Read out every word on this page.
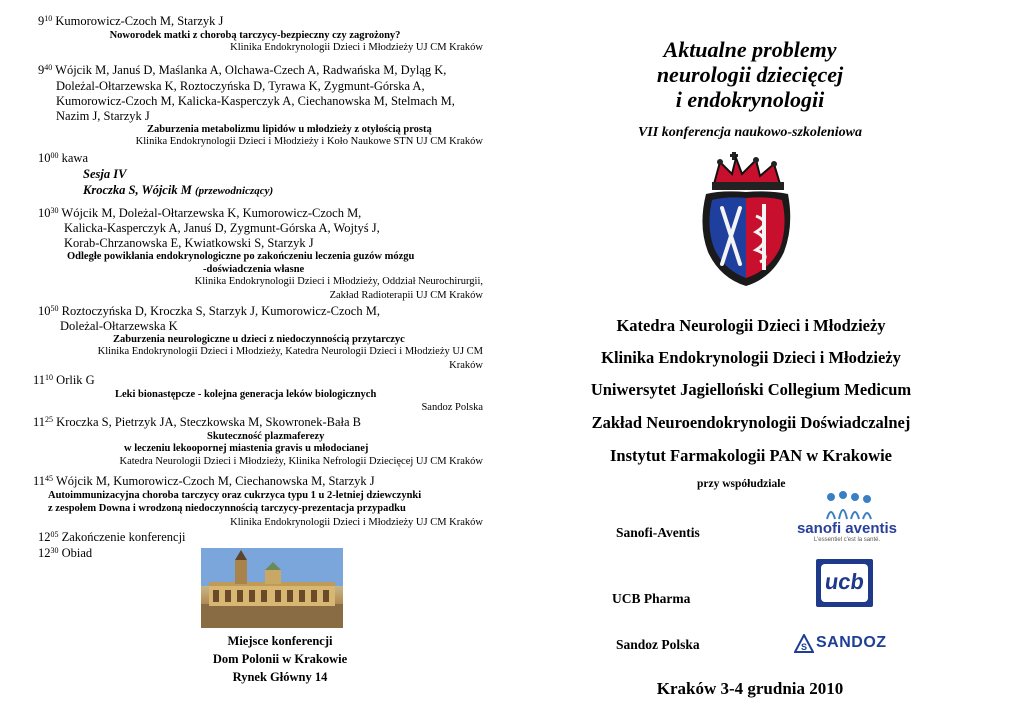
$9^{10}$ Kumorowicz-Czoch M, Starzyk J
Noworodek matki z chorobą tarczycy-bezpieczny czy zagrożony?
Klinika Endokrynologii Dzieci i Młodzieży UJ CM Kraków
$9^{40}$ Wójcik M, Januś D, Maślanka A, Olchawa-Czech A, Radwańska M, Dyląg K,
Doleżal-Ołtarzewska K, Roztoczyńska D, Tyrawa K, Zygmunt-Górska A,
Kumorowicz-Czoch M, Kalicka-Kasperczyk A, Ciechanowska M, Stelmach M,
Nazim J, Starzyk J
Zaburzenia metabolizmu lipidów u młodzieży z otyłością prostą
Klinika Endokrynologii Dzieci i Młodzieży i Koło Naukowe STN UJ CM Kraków
$10^{00}$ kawa
Sesja IV
Kroczka S, Wójcik M (przewodniczący)
$10^{30}$ Wójcik M, Doleżal-Ołtarzewska K, Kumorowicz-Czoch M,
Kalicka-Kasperczyk A, Januś D, Zygmunt-Górska A, Wojtyś J,
Korab-Chrzanowska E, Kwiatkowski S, Starzyk J
Odległe powikłania endokrynologiczne po zakończeniu leczenia guzów mózgu
-doświadczenia własne
Klinika Endokrynologii Dzieci i Młodzieży, Oddział Neurochirurgii,
Zakład Radioterapii UJ CM Kraków
$10^{50}$ Roztoczyńska D, Kroczka S, Starzyk J, Kumorowicz-Czoch M,
Doleżal-Ołtarzewska K
Zaburzenia neurologiczne u dzieci z niedoczynnością przytarczyc
Klinika Endokrynologii Dzieci i Młodzieży, Katedra Neurologii Dzieci i Młodzieży UJ CM
Kraków
$11^{10}$ Orlik G
Leki bionastępcze - kolejna generacja leków biologicznych
Sandoz Polska
$11^{25}$ Kroczka S, Pietrzyk JA, Steczkowska M, Skowronek-Bała B
Skuteczność plazmaferezy
w leczeniu lekoopornej miastenia gravis u młodocianej
Katedra Neurologii Dzieci i Młodzieży, Klinika Nefrologii Dziecięcej UJ CM Kraków
$11^{45}$ Wójcik M, Kumorowicz-Czoch M, Ciechanowska M, Starzyk J
Autoimmunizacyjna choroba tarczycy oraz cukrzyca typu 1 u 2-letniej dziewczynki
z zespołem Downa i wrodzoną niedoczynnością tarczycy-prezentacja przypadku
Klinika Endokrynologii Dzieci i Młodzieży UJ CM Kraków
$12^{05}$ Zakończenie konferencji
$12^{30}$ Obiad
Miejsce konferencji
Dom Polonii w Krakowie
Rynek Główny 14
Aktualne problemy
neurologii dziecięcej
i endokrynologii
VII konferencja naukowo-szkoleniowa
Katedra Neurologii Dzieci i Młodzieży
Klinika Endokrynologii Dzieci i Młodzieży
Uniwersytet Jagielloński Collegium Medicum
Zakład Neuroendokrynologii Doświadczalnej
Instytut Farmakologii PAN w Krakowie
przy współudziale
Sanofi-Aventis	sanofi aventis
L'essentiel c'est la santé.
UCB Pharma
ucb
Sandoz Polska	S SANDOZ
Kraków 3-4 grudnia 2010
